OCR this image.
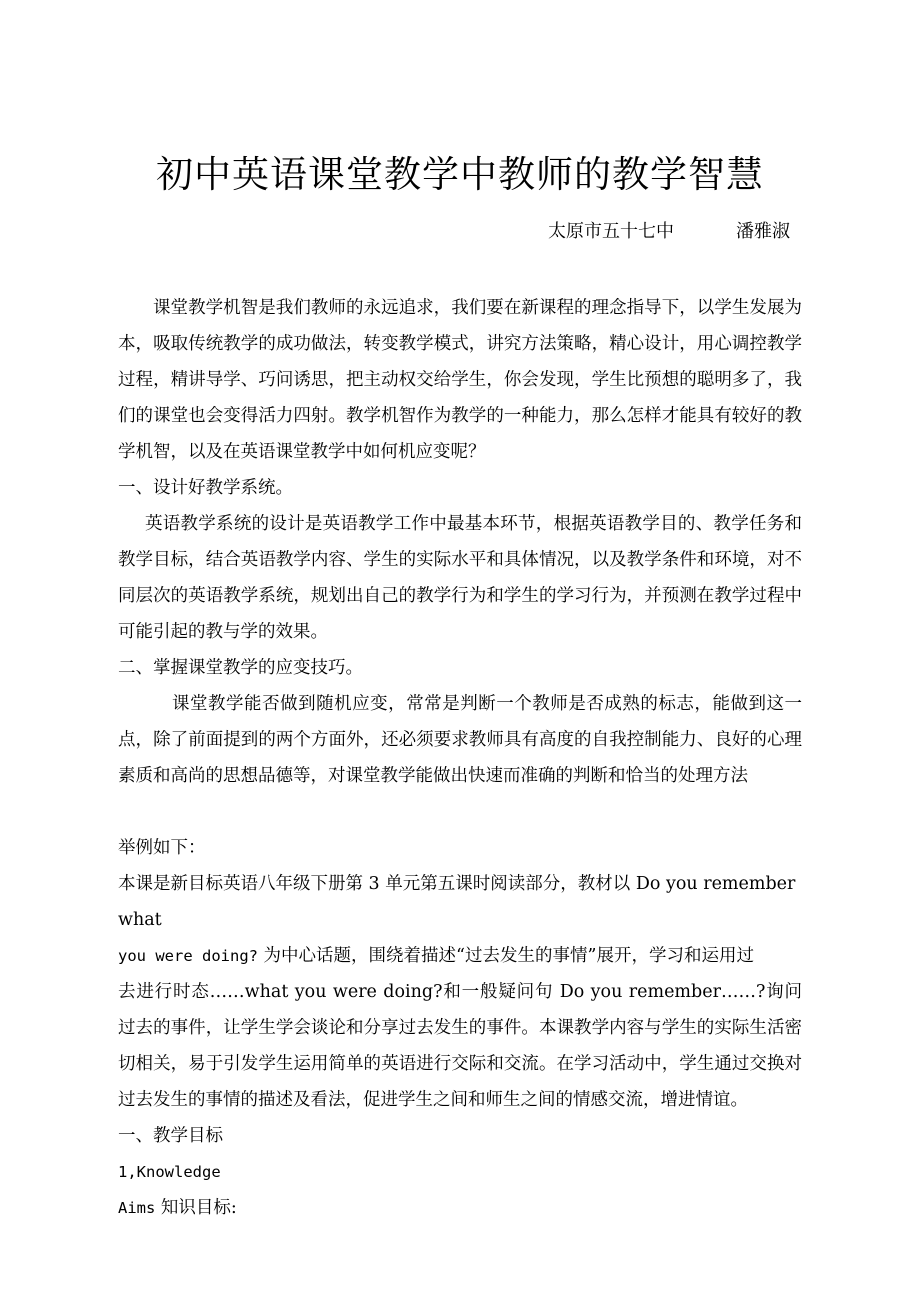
初中英语课堂教学中教师的教学智慧
太原市五十七中	潘雅淑

课堂教学机智是我们教师的永远追求，我们要在新课程的理念指导下，以学生发展为本，吸取传统教学的成功做法，转变教学模式，讲究方法策略，精心设计，用心调控教学过程，精讲导学、巧问诱思，把主动权交给学生，你会发现，学生比预想的聪明多了，我们的课堂也会变得活力四射。教学机智作为教学的一种能力，那么怎样才能具有较好的教学机智，以及在英语课堂教学中如何机应变呢？

一、设计好教学系统。

英语教学系统的设计是英语教学工作中最基本环节，根据英语教学目的、教学任务和教学目标，结合英语教学内容、学生的实际水平和具体情况，以及教学条件和环境，对不同层次的英语教学系统，规划出自己的教学行为和学生的学习行为，并预测在教学过程中可能引起的教与学的效果。

二、掌握课堂教学的应变技巧。

课堂教学能否做到随机应变，常常是判断一个教师是否成熟的标志，能做到这一点，除了前面提到的两个方面外，还必须要求教师具有高度的自我控制能力、良好的心理素质和高尚的思想品德等，对课堂教学能做出快速而准确的判断和恰当的处理方法

举例如下：
本课是新目标英语八年级下册第 3 单元第五课时阅读部分，教材以 Do you remember
what
you were doing? 为中心话题，围绕着描述“过去发生的事情”展开，学习和运用过

去进行时态……what you were doing?和一般疑问句 Do you remember……?询问过去的事件，让学生学会谈论和分享过去发生的事件。本课教学内容与学生的实际生活密切相关，易于引发学生运用简单的英语进行交际和交流。在学习活动中，学生通过交换对过去发生的事情的描述及看法，促进学生之间和师生之间的情感交流，增进情谊。

一、教学目标
1,Knowledge
Aims 知识目标:
